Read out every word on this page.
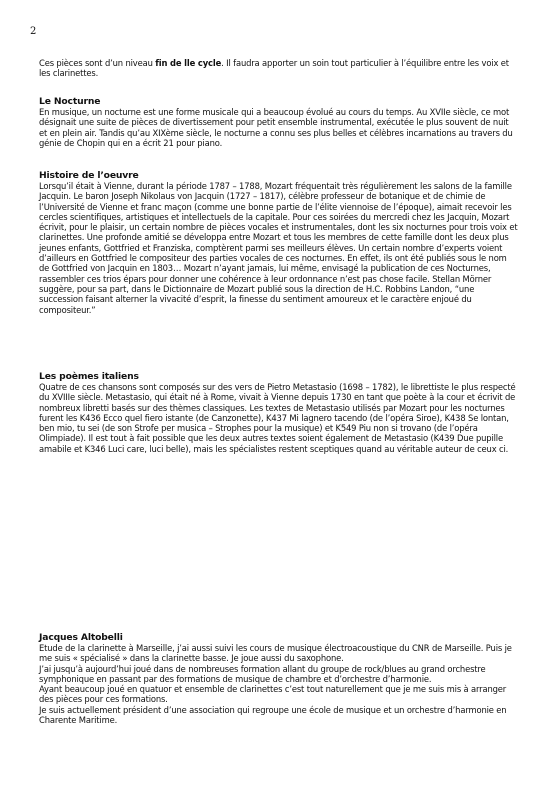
2

Ces pièces sont d’un niveau fin de lle cycle. Il faudra apporter un soin tout particulier à l’équilibre entre les voix et les clarinettes.

Le Nocturne

En musique, un nocturne est une forme musicale qui a beaucoup évolué au cours du temps. Au XVIIe siècle, ce mot désignait une suite de pièces de divertissement pour petit ensemble instrumental, exécutée le plus souvent de nuit et en plein air. Tandis qu’au XIXème siècle, le nocturne a connu ses plus belles et célèbres incarnations au travers du génie de Chopin qui en a écrit 21 pour piano.

Histoire de l’oeuvre

Lorsqu’il était à Vienne, durant la période 1787 – 1788, Mozart fréquentait très régulièrement les salons de la famille Jacquin. Le baron Joseph Nikolaus von Jacquin (1727 – 1817), célèbre professeur de botanique et de chimie de l’Université de Vienne et franc maçon (comme une bonne partie de l’élite viennoise de l’époque), aimait recevoir les cercles scientifiques, artistiques et intellectuels de la capitale. Pour ces soirées du mercredi chez les Jacquin, Mozart écrivit, pour le plaisir, un certain nombre de pièces vocales et instrumentales, dont les six nocturnes pour trois voix et clarinettes. Une profonde amitié se développa entre Mozart et tous les membres de cette famille dont les deux plus jeunes enfants, Gottfried et Franziska, comptèrent parmi ses meilleurs élèves. Un certain nombre d’experts voient d’ailleurs en Gottfried le compositeur des parties vocales de ces nocturnes. En effet, ils ont été publiés sous le nom de Gottfried von Jacquin en 1803… Mozart n’ayant jamais, lui même, envisagé la publication de ces Nocturnes, rassembler ces trios épars pour donner une cohérence à leur ordonnance n’est pas chose facile. Stellan Mörner suggère, pour sa part, dans le Dictionnaire de Mozart publié sous la direction de H.C. Robbins Landon, “une succession faisant alterner la vivacité d’esprit, la finesse du sentiment amoureux et le caractère enjoué du compositeur.”

Les poèmes italiens

Quatre de ces chansons sont composés sur des vers de Pietro Metastasio (1698 – 1782), le librettiste le plus respecté du XVIIIe siècle. Metastasio, qui était né à Rome, vivait à Vienne depuis 1730 en tant que poète à la cour et écrivit de nombreux libretti basés sur des thèmes classiques. Les textes de Metastasio utilisés par Mozart pour les nocturnes furent les K436 Ecco quel fiero istante (de Canzonette), K437 Mi lagnero tacendo (de l’opéra Siroe), K438 Se lontan, ben mio, tu sei (de son Strofe per musica – Strophes pour la musique) et K549 Piu non si trovano (de l’opéra Olimpiade). Il est tout à fait possible que les deux autres textes soient également de Metastasio (K439 Due pupille amabile et K346 Luci care, luci belle), mais les spécialistes restent sceptiques quand au véritable auteur de ceux ci.

Jacques Altobelli

Etude de la clarinette à Marseille, j’ai aussi suivi les cours de musique électroacoustique du CNR de Marseille. Puis je me suis « spécialisé » dans la clarinette basse. Je joue aussi du saxophone.

J’ai jusqu’à aujourd’hui joué dans de nombreuses formation allant du groupe de rock/blues au grand orchestre symphonique en passant par des formations de musique de chambre et d’orchestre d’harmonie.

Ayant beaucoup joué en quatuor et ensemble de clarinettes c’est tout naturellement que je me suis mis à arranger des pièces pour ces formations.

Je suis actuellement président d’une association qui regroupe une école de musique et un orchestre d’harmonie en Charente Maritime.
